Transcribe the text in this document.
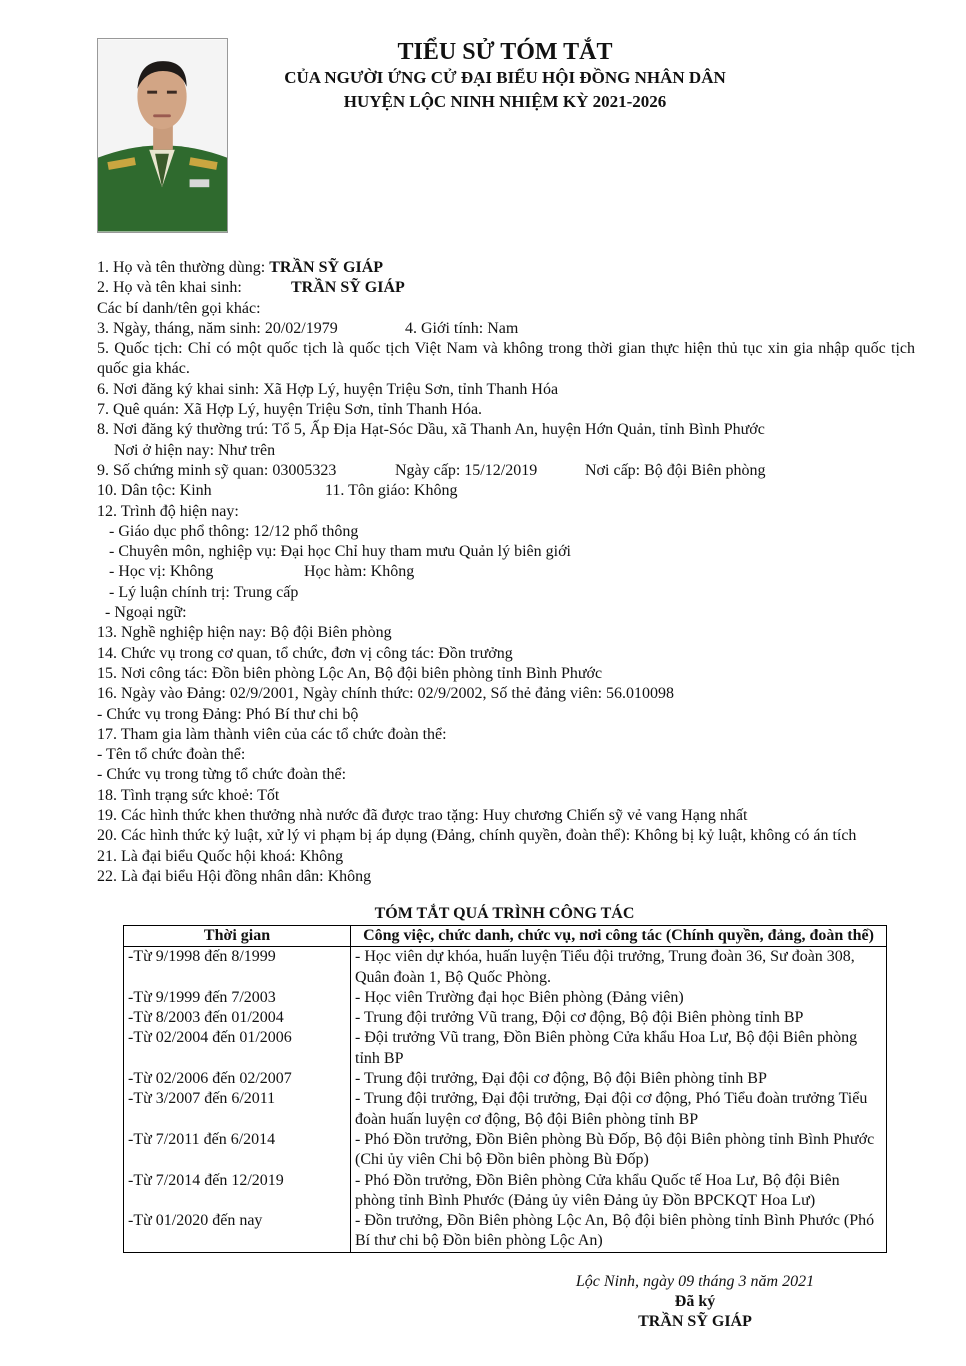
TIỂU SỬ TÓM TẮT
CỦA NGƯỜI ỨNG CỬ ĐẠI BIỂU HỘI ĐỒNG NHÂN DÂN
HUYỆN LỘC NINH NHIỆM KỲ 2021-2026
1. Họ và tên thường dùng: TRẦN SỸ GIÁP
2. Họ và tên khai sinh:	TRẦN SỸ GIÁP
Các bí danh/tên gọi khác:
3. Ngày, tháng, năm sinh: 20/02/1979	4. Giới tính: Nam
5. Quốc tịch: Chỉ có một quốc tịch là quốc tịch Việt Nam và không trong thời gian thực hiện thủ tục xin gia nhập quốc tịch quốc gia khác.
6. Nơi đăng ký khai sinh: Xã Hợp Lý, huyện Triệu Sơn, tỉnh Thanh Hóa
7. Quê quán: Xã Hợp Lý, huyện Triệu Sơn, tỉnh Thanh Hóa.
8. Nơi đăng ký thường trú: Tổ 5, Ấp Địa Hạt-Sóc Dầu, xã Thanh An, huyện Hớn Quản, tỉnh Bình Phước
Nơi ở hiện nay: Như trên
9. Số chứng minh sỹ quan: 03005323	Ngày cấp: 15/12/2019	Nơi cấp: Bộ đội Biên phòng
10. Dân tộc: Kinh	11. Tôn giáo: Không
12. Trình độ hiện nay:
- Giáo dục phổ thông: 12/12 phổ thông
- Chuyên môn, nghiệp vụ: Đại học Chỉ huy tham mưu Quản lý biên giới
- Học vị: Không	Học hàm: Không
- Lý luận chính trị: Trung cấp
- Ngoại ngữ:
13. Nghề nghiệp hiện nay: Bộ đội Biên phòng
14. Chức vụ trong cơ quan, tổ chức, đơn vị công tác: Đồn trưởng
15. Nơi công tác: Đồn biên phòng Lộc An, Bộ đội biên phòng tỉnh Bình Phước
16. Ngày vào Đảng: 02/9/2001, Ngày chính thức: 02/9/2002, Số thẻ đảng viên: 56.010098
- Chức vụ trong Đảng: Phó Bí thư chi bộ
17. Tham gia làm thành viên của các tổ chức đoàn thể:
- Tên tổ chức đoàn thể:
- Chức vụ trong từng tổ chức đoàn thể:
18. Tình trạng sức khoẻ: Tốt
19. Các hình thức khen thưởng nhà nước đã được trao tặng: Huy chương Chiến sỹ vẻ vang Hạng nhất
20. Các hình thức kỷ luật, xử lý vi phạm bị áp dụng (Đảng, chính quyền, đoàn thể): Không bị kỷ luật, không có án tích
21. Là đại biểu Quốc hội khoá: Không
22. Là đại biểu Hội đồng nhân dân: Không
TÓM TẮT QUÁ TRÌNH CÔNG TÁC
Thời gian	Công việc, chức danh, chức vụ, nơi công tác (Chính quyền, đảng, đoàn thể)
-Từ 9/1998 đến 8/1999	- Học viên dự khóa, huấn luyện Tiểu đội trưởng, Trung đoàn 36, Sư đoàn 308, Quân đoàn 1, Bộ Quốc Phòng.
-Từ 9/1999 đến 7/2003	- Học viên Trường đại học Biên phòng (Đảng viên)
-Từ 8/2003 đến 01/2004	- Trung đội trưởng Vũ trang, Đội cơ động, Bộ đội Biên phòng tỉnh BP
-Từ 02/2004 đến 01/2006	- Đội trưởng Vũ trang, Đồn Biên phòng Cửa khẩu Hoa Lư, Bộ đội Biên phòng tỉnh BP
-Từ 02/2006 đến 02/2007	- Trung đội trưởng, Đại đội cơ động, Bộ đội Biên phòng tỉnh BP
-Từ 3/2007 đến 6/2011	- Trung đội trưởng, Đại đội trưởng, Đại đội cơ động, Phó Tiểu đoàn trưởng Tiểu đoàn huấn luyện cơ động, Bộ đội Biên phòng tỉnh BP
-Từ 7/2011 đến 6/2014	- Phó Đồn trưởng, Đồn Biên phòng Bù Đốp, Bộ đội Biên phòng tỉnh Bình Phước (Chi ủy viên Chi bộ Đồn biên phòng Bù Đốp)
-Từ 7/2014 đến 12/2019	- Phó Đồn trưởng, Đồn Biên phòng Cửa khẩu Quốc tế Hoa Lư, Bộ đội Biên phòng tỉnh Bình Phước (Đảng ủy viên Đảng ủy Đồn BPCKQT Hoa Lư)
-Từ 01/2020 đến nay	- Đồn trưởng, Đồn Biên phòng Lộc An, Bộ đội biên phòng tỉnh Bình Phước (Phó Bí thư chi bộ Đồn biên phòng Lộc An)
Lộc Ninh, ngày 09 tháng 3 năm 2021
Đã ký
TRẦN SỸ GIÁP
